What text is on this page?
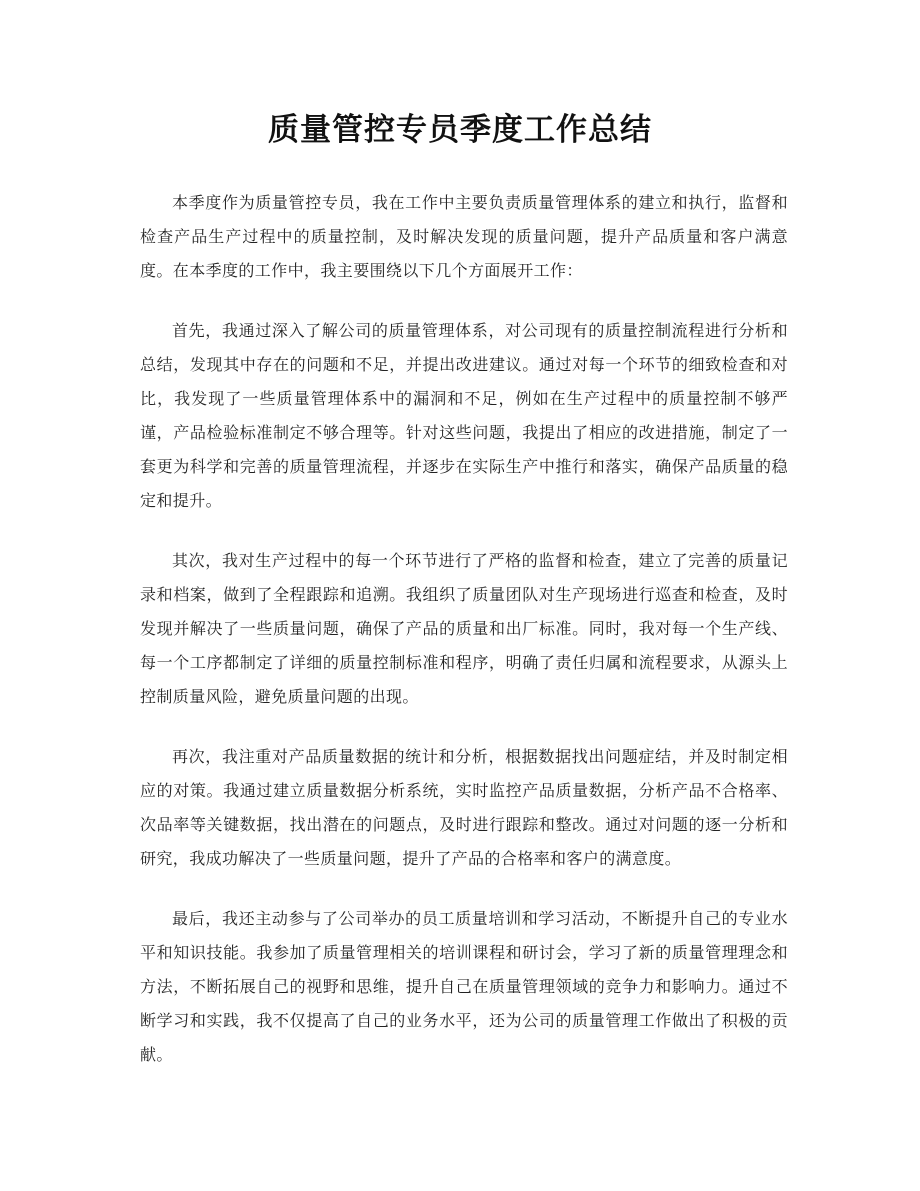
质量管控专员季度工作总结

本季度作为质量管控专员，我在工作中主要负责质量管理体系的建立和执行，监督和检查产品生产过程中的质量控制，及时解决发现的质量问题，提升产品质量和客户满意度。在本季度的工作中，我主要围绕以下几个方面展开工作：

首先，我通过深入了解公司的质量管理体系，对公司现有的质量控制流程进行分析和总结，发现其中存在的问题和不足，并提出改进建议。通过对每一个环节的细致检查和对比，我发现了一些质量管理体系中的漏洞和不足，例如在生产过程中的质量控制不够严谨，产品检验标准制定不够合理等。针对这些问题，我提出了相应的改进措施，制定了一套更为科学和完善的质量管理流程，并逐步在实际生产中推行和落实，确保产品质量的稳定和提升。

其次，我对生产过程中的每一个环节进行了严格的监督和检查，建立了完善的质量记录和档案，做到了全程跟踪和追溯。我组织了质量团队对生产现场进行巡查和检查，及时发现并解决了一些质量问题，确保了产品的质量和出厂标准。同时，我对每一个生产线、每一个工序都制定了详细的质量控制标准和程序，明确了责任归属和流程要求，从源头上控制质量风险，避免质量问题的出现。

再次，我注重对产品质量数据的统计和分析，根据数据找出问题症结，并及时制定相应的对策。我通过建立质量数据分析系统，实时监控产品质量数据，分析产品不合格率、次品率等关键数据，找出潜在的问题点，及时进行跟踪和整改。通过对问题的逐一分析和研究，我成功解决了一些质量问题，提升了产品的合格率和客户的满意度。

最后，我还主动参与了公司举办的员工质量培训和学习活动，不断提升自己的专业水平和知识技能。我参加了质量管理相关的培训课程和研讨会，学习了新的质量管理理念和方法，不断拓展自己的视野和思维，提升自己在质量管理领域的竞争力和影响力。通过不断学习和实践，我不仅提高了自己的业务水平，还为公司的质量管理工作做出了积极的贡献。
